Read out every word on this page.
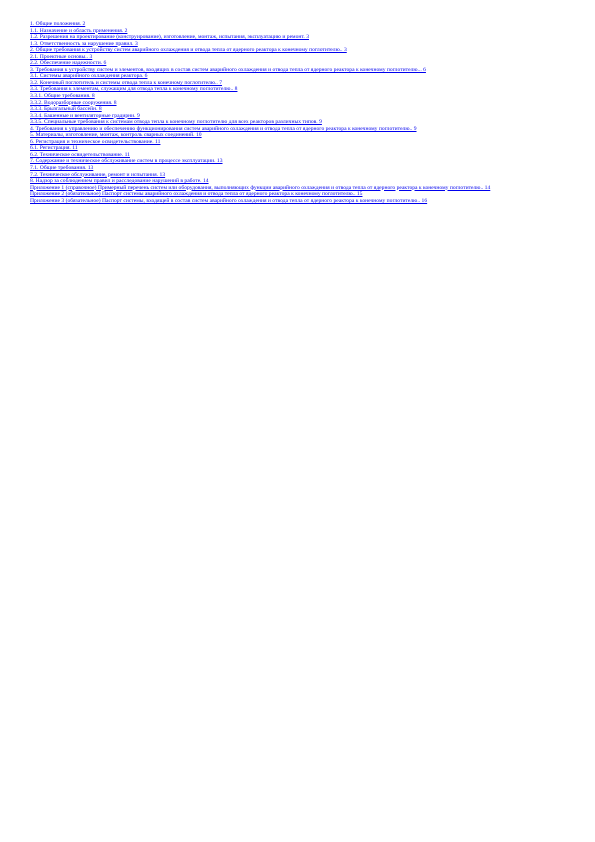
1. Общие положения. 2
1.1. Назначение и область применения. 2
1.2. Разрешения на проектирование (конструирование), изготовление, монтаж, испытания, эксплуатацию и ремонт. 3
1.3. Ответственность за нарушение правил. 3
2. Общие требования к устройству систем аварийного охлаждения и отвода тепла от ядерного реактора к конечному поглотителю.. 3
2.1. Проектные основы.. 3
2.2. Обеспечение надежности. 6
3. Требования к устройству систем и элементов, входящих в состав систем аварийного охлаждения и отвода тепла от ядерного реактора к конечному поглотителю... 6
3.1. Системы аварийного охлаждения реактора. 6
3.2. Конечный поглотитель и системы отвода тепла к конечному поглотителю.. 7
3.3. Требования к элементам, служащим для отвода тепла к конечному поглотителю.. 8
3.3.1. Общие требования. 8
3.3.2. Водоразборные сооружения. 8
3.3.3. Брызгальный бассейн. 8
3.3.4. Башенные и вентиляторные градирни. 9
3.3.5. Специальные требования к системам отвода тепла к конечному поглотителю для всех реакторов различных типов. 9
4. Требования к управлению и обеспечению функционирования систем аварийного охлаждения и отвода тепла от ядерного реактора к конечному поглотителю.. 9
5. Материалы, изготовление, монтаж, контроль сварных соединений. 10
6. Регистрация и техническое освидетельствование. 11
6.1. Регистрация. 11
6.2. Техническое освидетельствование. 11
7. Содержание и техническое обслуживание систем в процессе эксплуатации. 13
7.1. Общие требования. 13
7.2. Техническое обслуживание, ремонт и испытания. 13
8. Надзор за соблюдением правил и расследование нарушений в работе. 14
Приложение 1 (справочное) Примерный перечень систем или оборудования, выполняющих функции аварийного охлаждения и отвода тепла от ядерного реактора к конечному поглотителю.. 14
Приложение 2 (обязательное) Паспорт системы аварийного охлаждения и отвода тепла от ядерного реактора к конечному поглотителю.. 15
Приложение 3 (обязательное) Паспорт системы, входящей в состав систем аварийного охлаждения и отвода тепла от ядерного реактора к конечному поглотителю.. 16
